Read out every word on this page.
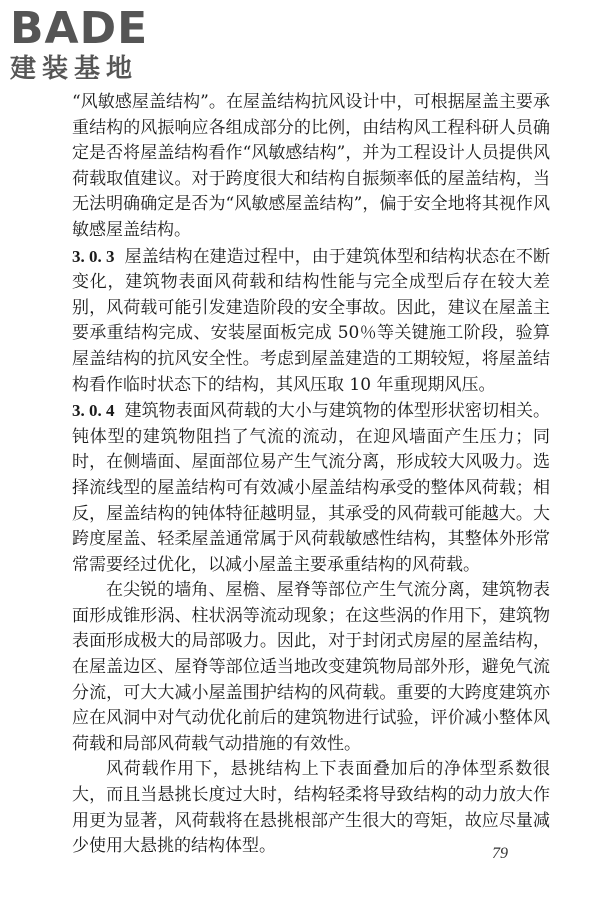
BADE
建装基地

“风敏感屋盖结构”。在屋盖结构抗风设计中，可根据屋盖主要承重结构的风振响应各组成部分的比例，由结构风工程科研人员确定是否将屋盖结构看作“风敏感结构”，并为工程设计人员提供风荷载取值建议。对于跨度很大和结构自振频率低的屋盖结构，当无法明确确定是否为“风敏感屋盖结构”，偏于安全地将其视作风敏感屋盖结构。

3. 0. 3 屋盖结构在建造过程中，由于建筑体型和结构状态在不断变化，建筑物表面风荷载和结构性能与完全成型后存在较大差别，风荷载可能引发建造阶段的安全事故。因此，建议在屋盖主要承重结构完成、安装屋面板完成 50％等关键施工阶段，验算屋盖结构的抗风安全性。考虑到屋盖建造的工期较短，将屋盖结构看作临时状态下的结构，其风压取 10 年重现期风压。

3. 0. 4 建筑物表面风荷载的大小与建筑物的体型形状密切相关。钝体型的建筑物阻挡了气流的流动，在迎风墙面产生压力；同时，在侧墙面、屋面部位易产生气流分离，形成较大风吸力。选择流线型的屋盖结构可有效减小屋盖结构承受的整体风荷载；相反，屋盖结构的钝体特征越明显，其承受的风荷载可能越大。大跨度屋盖、轻柔屋盖通常属于风荷载敏感性结构，其整体外形常常需要经过优化，以减小屋盖主要承重结构的风荷载。

在尖锐的墙角、屋檐、屋脊等部位产生气流分离，建筑物表面形成锥形涡、柱状涡等流动现象；在这些涡的作用下，建筑物表面形成极大的局部吸力。因此，对于封闭式房屋的屋盖结构，在屋盖边区、屋脊等部位适当地改变建筑物局部外形，避免气流分流，可大大减小屋盖围护结构的风荷载。重要的大跨度建筑亦应在风洞中对气动优化前后的建筑物进行试验，评价减小整体风荷载和局部风荷载气动措施的有效性。

风荷载作用下，悬挑结构上下表面叠加后的净体型系数很大，而且当悬挑长度过大时，结构轻柔将导致结构的动力放大作用更为显著，风荷载将在悬挑根部产生很大的弯矩，故应尽量减少使用大悬挑的结构体型。	79
